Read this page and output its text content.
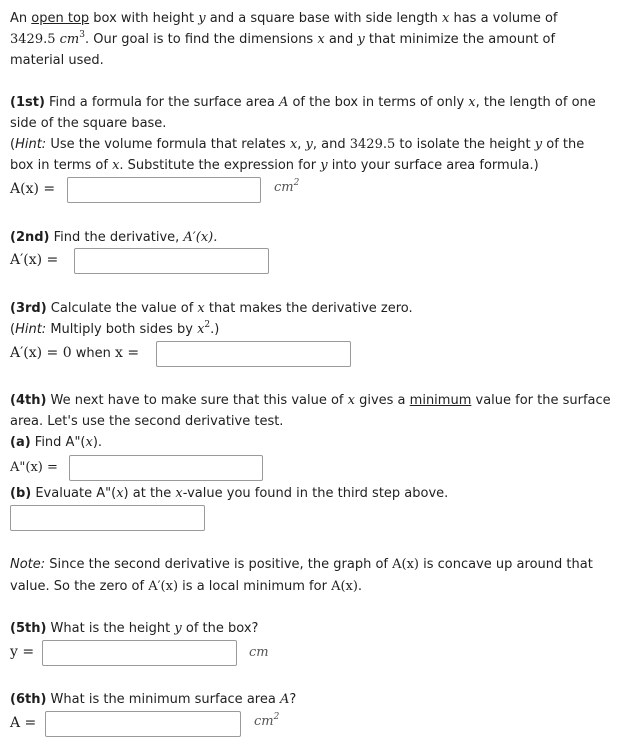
An open top box with height y and a square base with side length x has a volume of
3429.5 $cm^3$. Our goal is to find the dimensions x and y that minimize the amount of
material used.
(1st) Find a formula for the surface area A of the box in terms of only x, the length of one
side of the square base.
(Hint: Use the volume formula that relates x, y, and 3429.5 to isolate the height y of the
box in terms of x. Substitute the expression for y into your surface area formula.)
A(x) =	$cm^2$
(2nd) Find the derivative, A′(x).
A′(x) =
(3rd) Calculate the value of x that makes the derivative zero.
(Hint: Multiply both sides by $x^2$.)
A′(x) = 0 when x =
(4th) We next have to make sure that this value of x gives a minimum value for the surface
area. Let's use the second derivative test.
(a) Find A"(x).
A"(x) =
(b) Evaluate A"(x) at the x-value you found in the third step above.
Note: Since the second derivative is positive, the graph of A(x) is concave up around that
value. So the zero of A′(x) is a local minimum for A(x).
(5th) What is the height y of the box?
y =	cm
(6th) What is the minimum surface area A?
A =	$cm^2$
